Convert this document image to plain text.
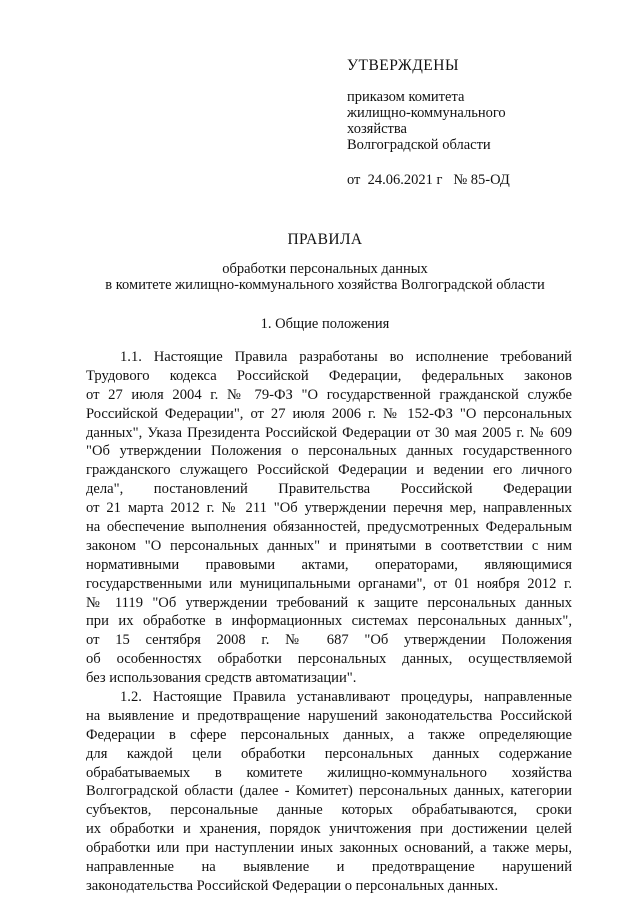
УТВЕРЖДЕНЫ
приказом комитета
жилищно-коммунального
хозяйства
Волгоградской области
от  24.06.2021 г № 85-ОД
ПРАВИЛА
обработки персональных данных
в комитете жилищно-коммунального хозяйства Волгоградской области
1. Общие положения
1.1. Настоящие Правила разработаны во исполнение требований
Трудового кодекса Российской Федерации, федеральных законов
от 27 июля 2004 г. № 79-ФЗ "О государственной гражданской службе
Российской Федерации", от 27 июля 2006 г. № 152-ФЗ "О персональных
данных", Указа Президента Российской Федерации от 30 мая 2005 г. № 609
"Об утверждении Положения о персональных данных государственного
гражданского служащего Российской Федерации и ведении его личного
дела", постановлений Правительства Российской Федерации
от 21 марта 2012 г. № 211 "Об утверждении перечня мер, направленных
на обеспечение выполнения обязанностей, предусмотренных Федеральным
законом "О персональных данных" и принятыми в соответствии с ним
нормативными правовыми актами, операторами, являющимися
государственными или муниципальными органами", от 01 ноября 2012 г.
№ 1119 "Об утверждении требований к защите персональных данных
при их обработке в информационных системах персональных данных",
от 15 сентября 2008 г. № 687 "Об утверждении Положения
об особенностях обработки персональных данных, осуществляемой
без использования средств автоматизации".
1.2. Настоящие Правила устанавливают процедуры, направленные
на выявление и предотвращение нарушений законодательства Российской
Федерации в сфере персональных данных, а также определяющие
для каждой цели обработки персональных данных содержание
обрабатываемых в комитете жилищно-коммунального хозяйства
Волгоградской области (далее - Комитет) персональных данных, категории
субъектов, персональные данные которых обрабатываются, сроки
их обработки и хранения, порядок уничтожения при достижении целей
обработки или при наступлении иных законных оснований, а также меры,
направленные на выявление и предотвращение нарушений
законодательства Российской Федерации о персональных данных.
